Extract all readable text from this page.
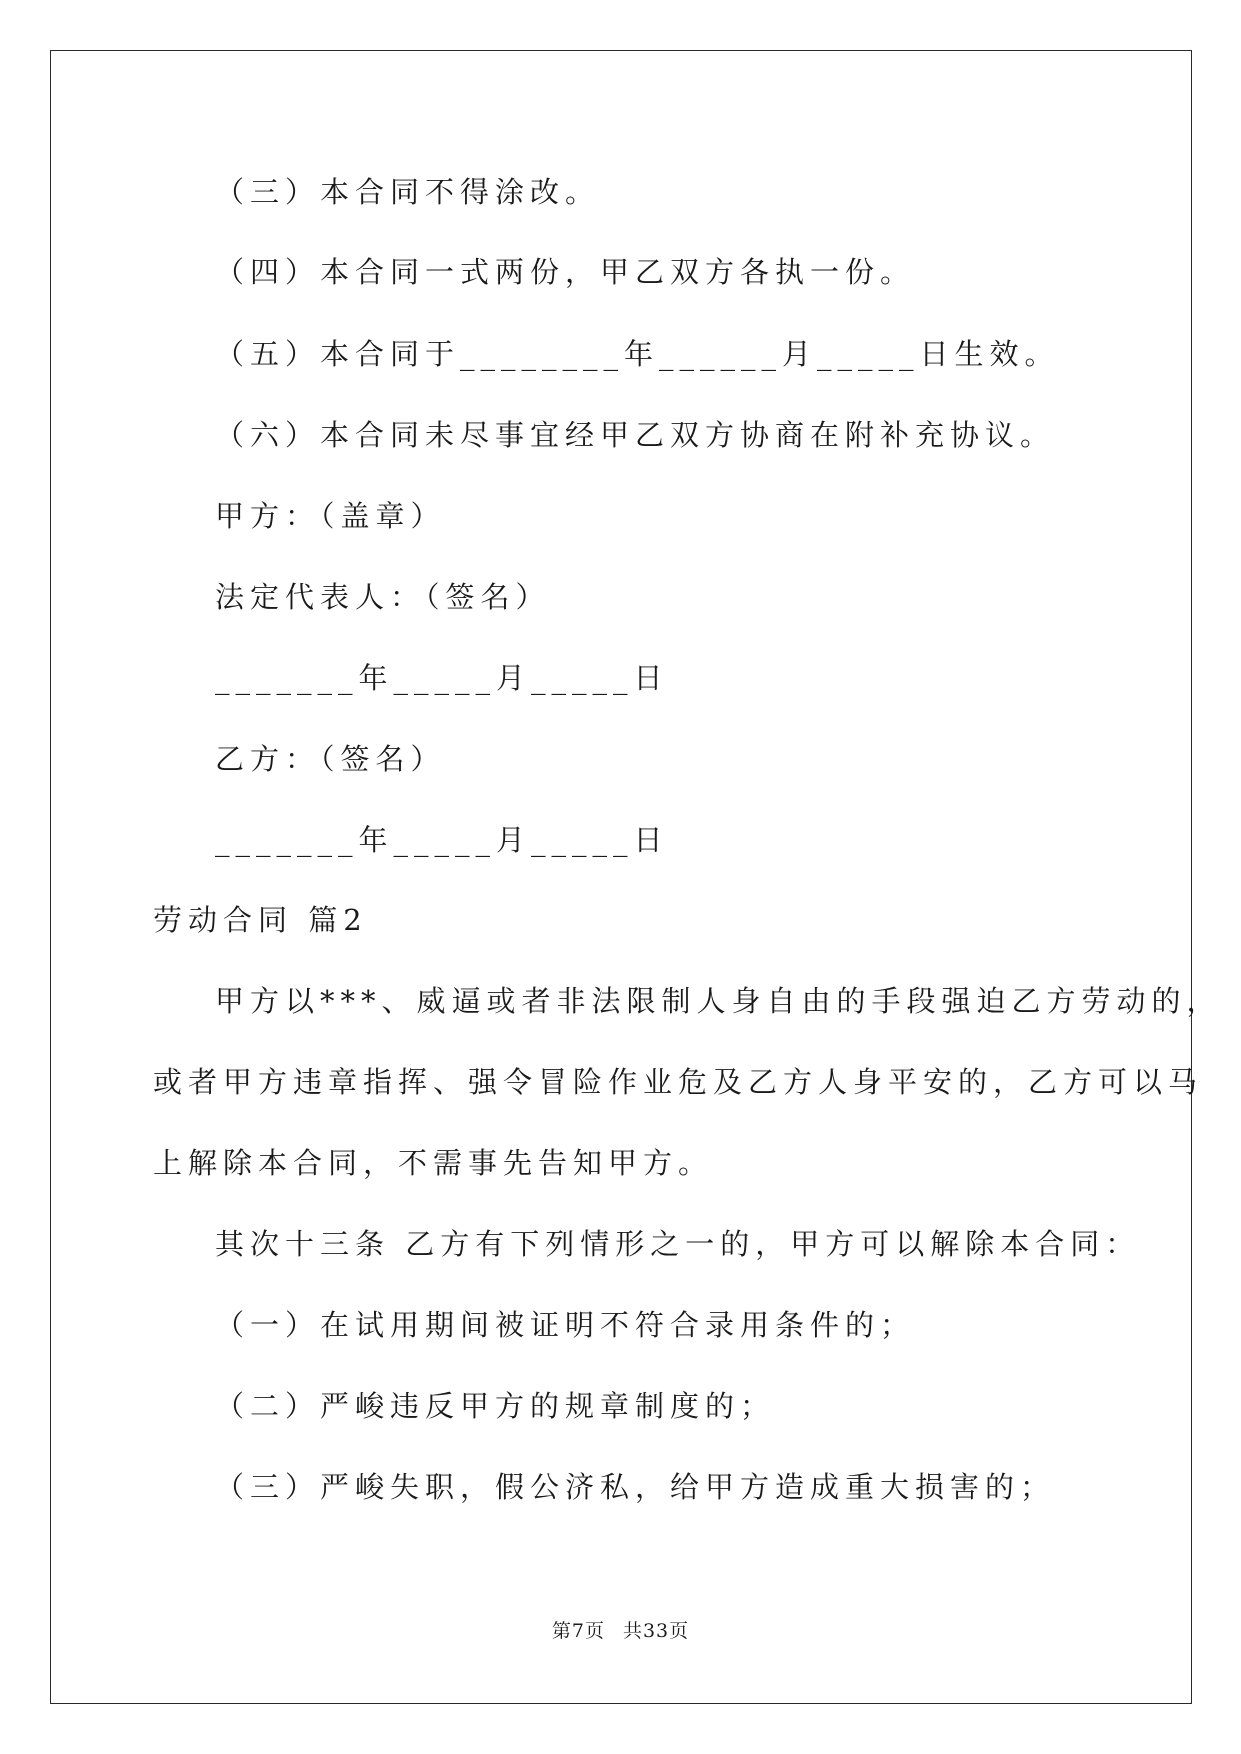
（三）本合同不得涂改。
（四）本合同一式两份，甲乙双方各执一份。
（五）本合同于________年______月_____日生效。
（六）本合同未尽事宜经甲乙双方协商在附补充协议。
甲方：（盖章）
法定代表人：（签名）
_______年_____月_____日
乙方：（签名）
_______年_____月_____日
劳动合同 篇2
甲方以***、威逼或者非法限制人身自由的手段强迫乙方劳动的，
或者甲方违章指挥、强令冒险作业危及乙方人身平安的，乙方可以马
上解除本合同，不需事先告知甲方。
其次十三条 乙方有下列情形之一的，甲方可以解除本合同：
（一）在试用期间被证明不符合录用条件的；
（二）严峻违反甲方的规章制度的；
（三）严峻失职，假公济私，给甲方造成重大损害的；
第7页 共33页
